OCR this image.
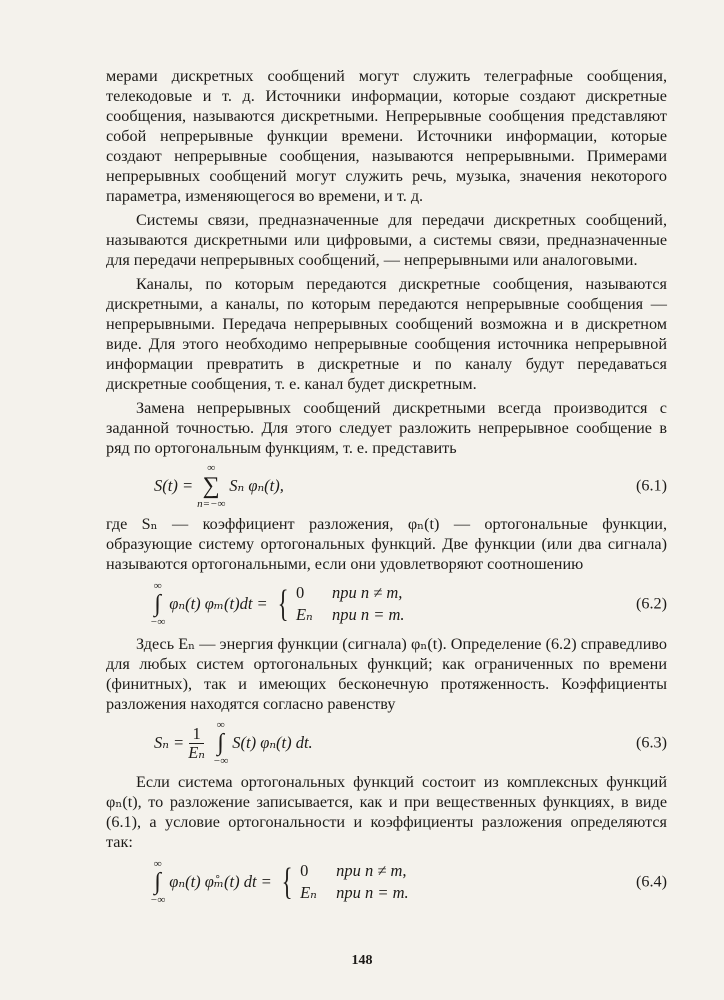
мерами дискретных сообщений могут служить телеграфные сообщения, телекодовые и т. д. Источники информации, которые создают дискретные сообщения, называются дискретными. Непрерывные сообщения представляют собой непрерывные функции времени. Источники информации, которые создают непрерывные сообщения, называются непрерывными. Примерами непрерывных сообщений могут служить речь, музыка, значения некоторого параметра, изменяющегося во времени, и т. д.

Системы связи, предназначенные для передачи дискретных сообщений, называются дискретными или цифровыми, а системы связи, предназначенные для передачи непрерывных сообщений, — непрерывными или аналоговыми.

Каналы, по которым передаются дискретные сообщения, называются дискретными, а каналы, по которым передаются непрерывные сообщения — непрерывными. Передача непрерывных сообщений возможна и в дискретном виде. Для этого необходимо непрерывные сообщения источника непрерывной информации превратить в дискретные и по каналу будут передаваться дискретные сообщения, т. е. канал будет дискретным.

Замена непрерывных сообщений дискретными всегда производится с заданной точностью. Для этого следует разложить непрерывное сообщение в ряд по ортогональным функциям, т. е. представить

S(t) =
∞
∑
n=−∞
Sₙ φₙ(t),	(6.1)

где Sₙ — коэффициент разложения, φₙ(t) — ортогональные функции, образующие систему ортогональных функций. Две функции (или два сигнала) называются ортогональными, если они удовлетворяют соотношению

∞
∫
−∞
φₙ(t) φₘ(t)dt = { 0	при n ≠ m,
Eₙ	при n = m.
(6.2)

Здесь Eₙ — энергия функции (сигнала) φₙ(t). Определение (6.2) справедливо для любых систем ортогональных функций; как ограниченных по времени (финитных), так и имеющих бесконечную протяженность. Коэффициенты разложения находятся согласно равенству

$S_n = \frac{1}{\text{Eₙ}}$ ∞
∫
−∞
S(t) φₙ(t) dt.	(6.3)

Если система ортогональных функций состоит из комплексных функций φₙ(t), то разложение записывается, как и при вещественных функциях, в виде (6.1), а условие ортогональности и коэффициенты разложения определяются так:

∞
∫
−∞
φₙ(t) φ̊ₘ(t) dt = { 0	при n ≠ m,
Eₙ	при n = m.
(6.4)
148
